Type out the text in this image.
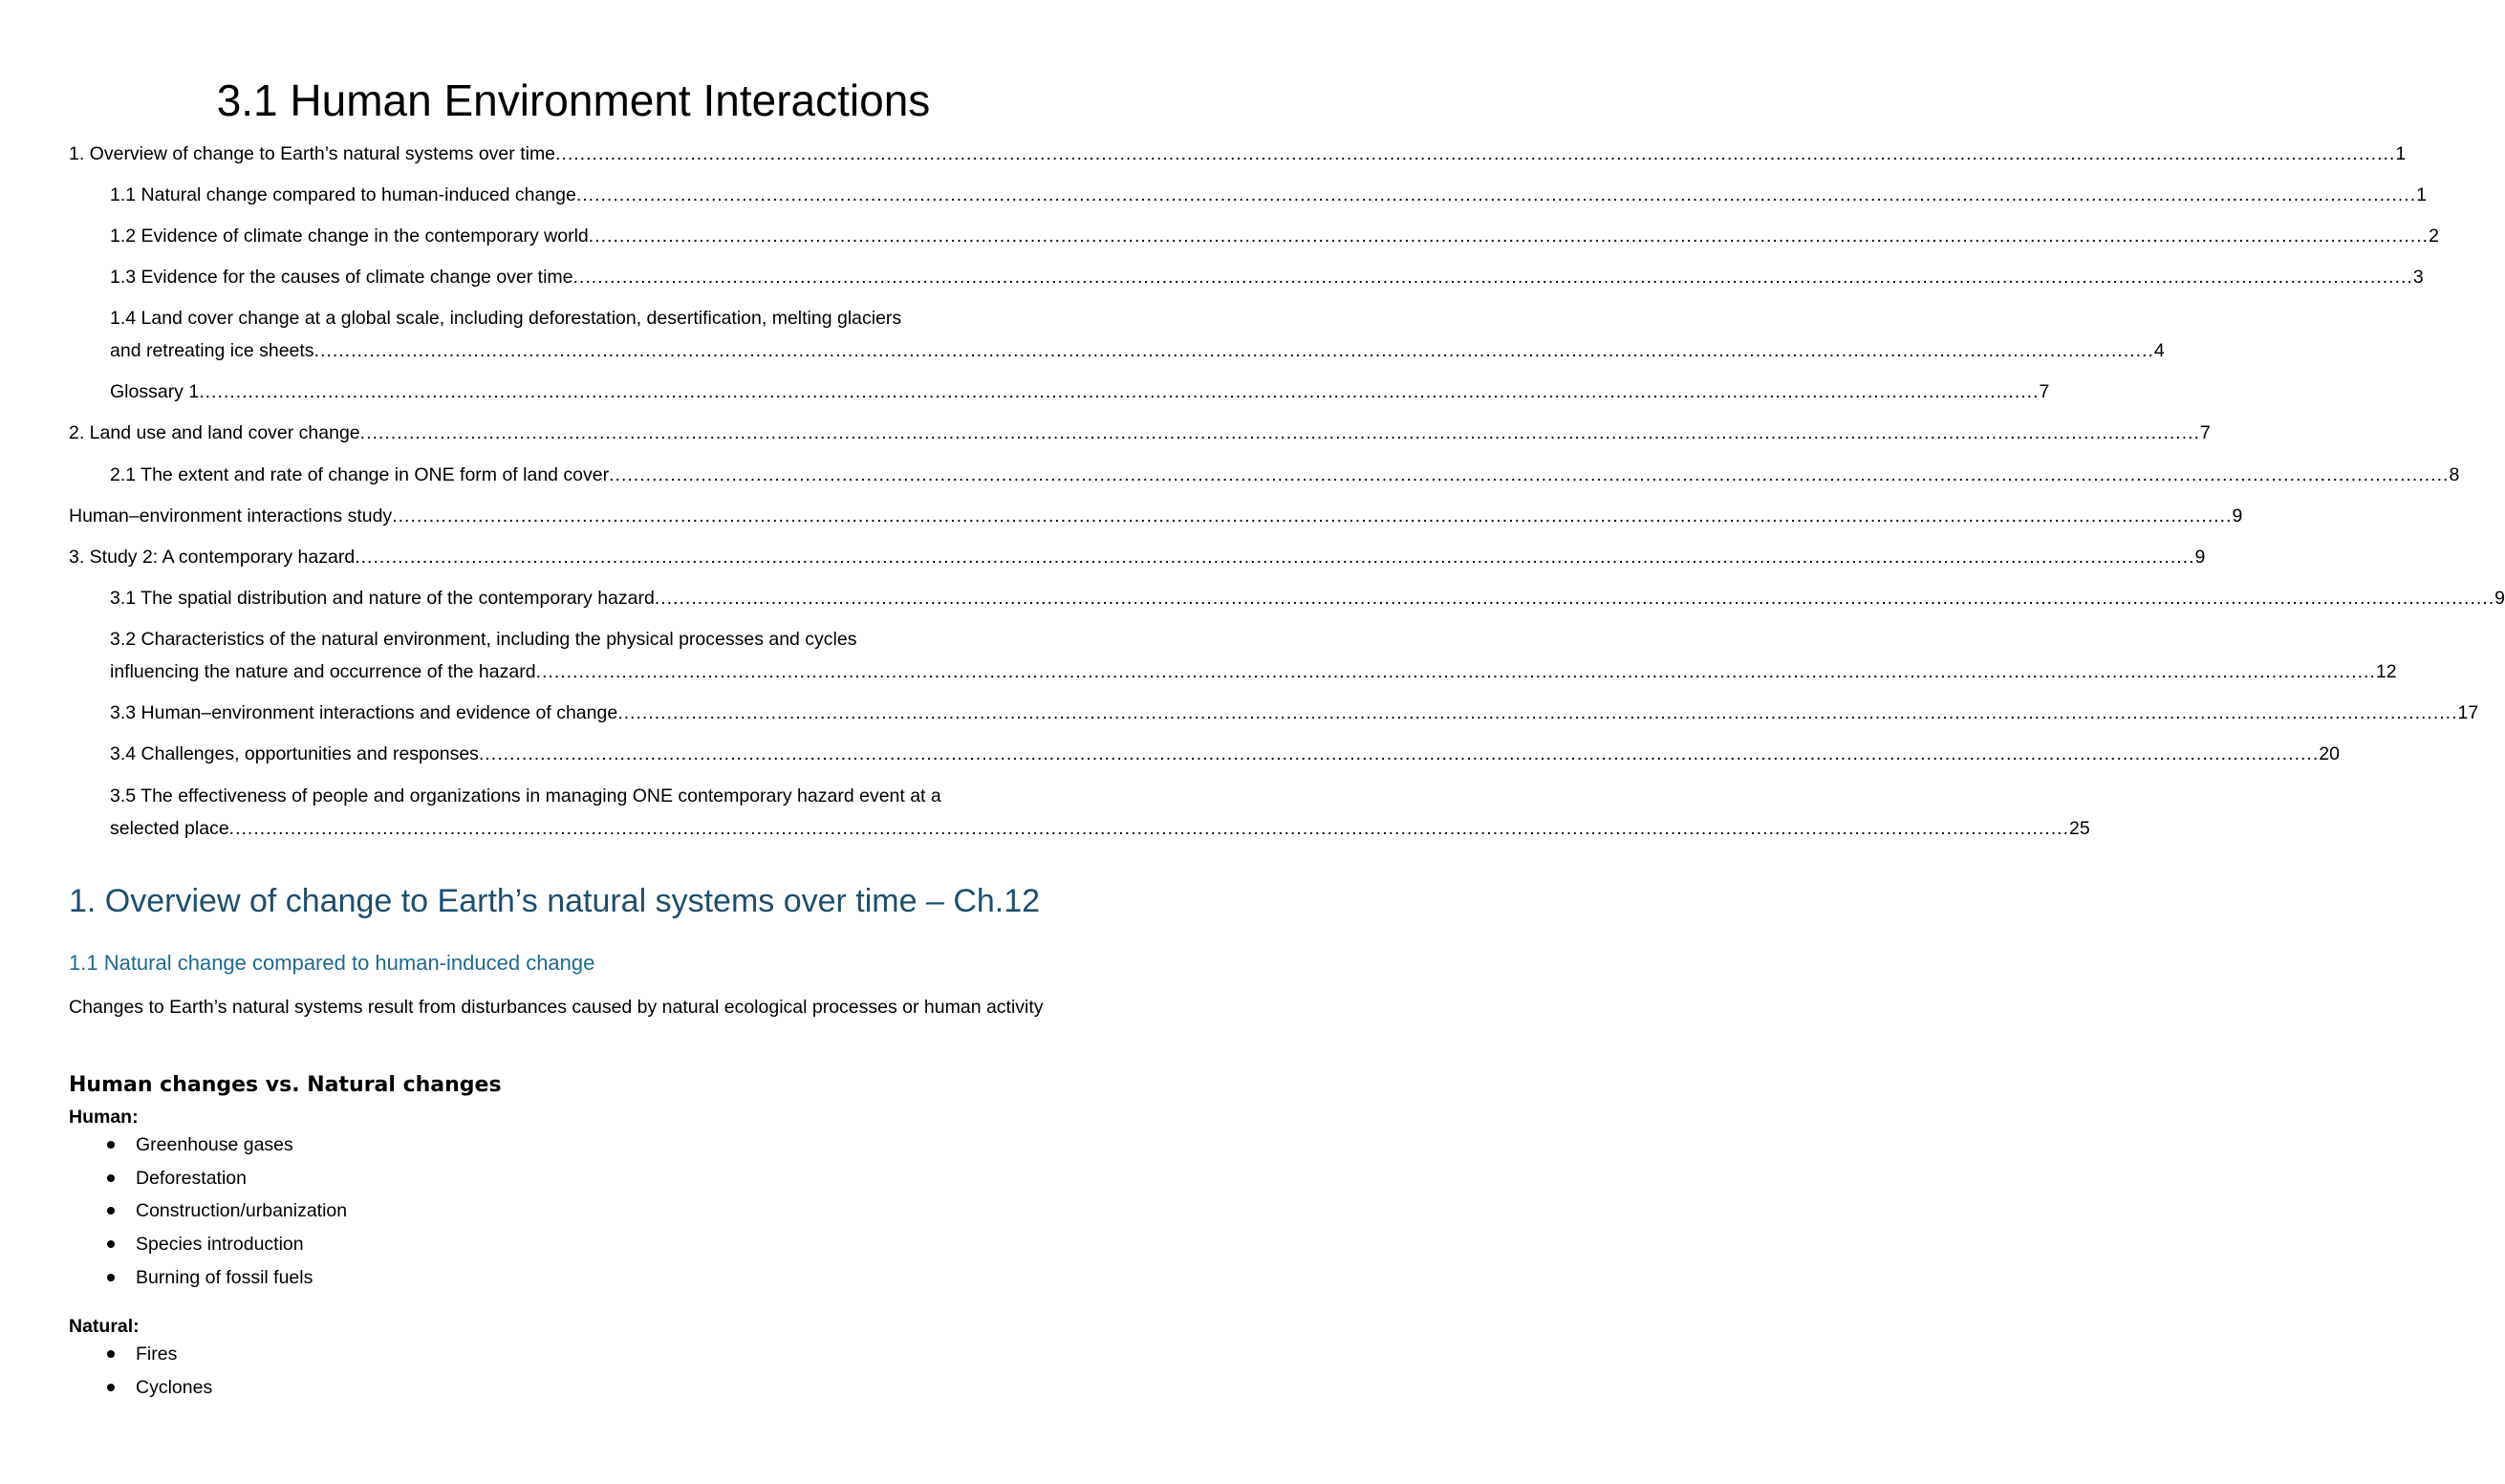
3.1 Human Environment Interactions
1. Overview of change to Earth’s natural systems over time ............................................................................................................................................................................................................................................................................................................ 1
1.1 Natural change compared to human-induced change ............................................................................................................................................................................................................................................................................................................ 1
1.2 Evidence of climate change in the contemporary world ............................................................................................................................................................................................................................................................................................................ 2
1.3 Evidence for the causes of climate change over time ............................................................................................................................................................................................................................................................................................................ 3
1.4 Land cover change at a global scale, including deforestation, desertification, melting glaciers
and retreating ice sheets ............................................................................................................................................................................................................................................................................................................ 4
Glossary 1 ............................................................................................................................................................................................................................................................................................................ 7
2. Land use and land cover change ............................................................................................................................................................................................................................................................................................................ 7
2.1 The extent and rate of change in ONE form of land cover ............................................................................................................................................................................................................................................................................................................ 8
Human–environment interactions study ............................................................................................................................................................................................................................................................................................................ 9
3. Study 2: A contemporary hazard ............................................................................................................................................................................................................................................................................................................ 9
3.1 The spatial distribution and nature of the contemporary hazard ............................................................................................................................................................................................................................................................................................................ 9
3.2 Characteristics of the natural environment, including the physical processes and cycles
influencing the nature and occurrence of the hazard ............................................................................................................................................................................................................................................................................................................ 12
3.3 Human–environment interactions and evidence of change ............................................................................................................................................................................................................................................................................................................ 17
3.4 Challenges, opportunities and responses ............................................................................................................................................................................................................................................................................................................ 20
3.5 The effectiveness of people and organizations in managing ONE contemporary hazard event at a
selected place ............................................................................................................................................................................................................................................................................................................ 25
1. Overview of change to Earth’s natural systems over time – Ch.12
1.1 Natural change compared to human-induced change

Changes to Earth’s natural systems result from disturbances caused by natural ecological processes or human activity

Human changes vs. Natural changes

Human:

Greenhouse gases
Deforestation
Construction/urbanization
Species introduction
Burning of fossil fuels

Natural:

Fires
Cyclones
